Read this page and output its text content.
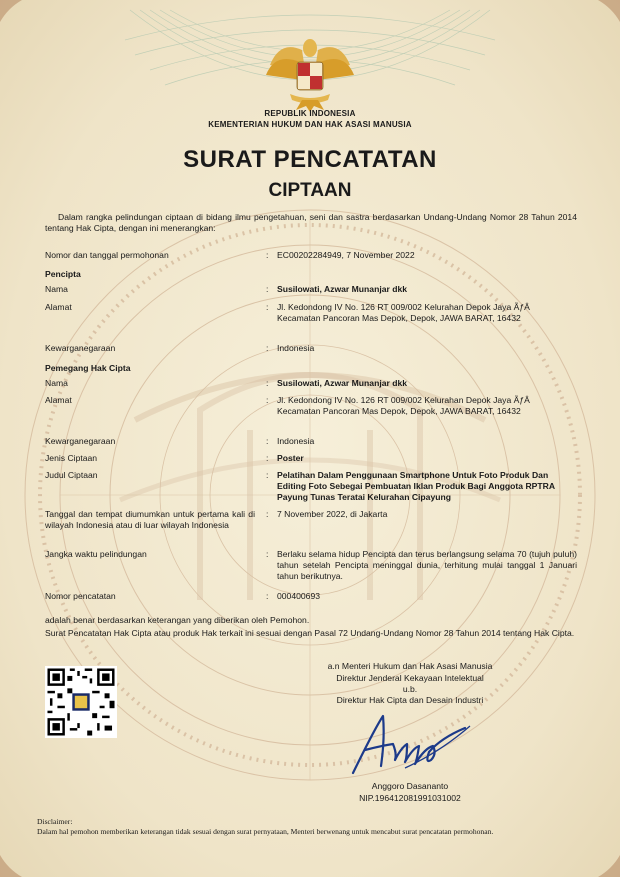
REPUBLIK INDONESIA
KEMENTERIAN HUKUM DAN HAK ASASI MANUSIA
SURAT PENCATATAN
CIPTAAN
Dalam rangka pelindungan ciptaan di bidang ilmu pengetahuan, seni dan sastra berdasarkan Undang-Undang Nomor 28 Tahun 2014 tentang Hak Cipta, dengan ini menerangkan:
Nomor dan tanggal permohonan	: EC00202284949, 7 November 2022
Pencipta
Nama	: Susilowati, Azwar Munanjar dkk
Alamat	: Jl. Kedondong IV No. 126 RT 009/002 Kelurahan Depok Jaya ÃƒÂ Kecamatan Pancoran Mas Depok, Depok, JAWA BARAT, 16432
Kewarganegaraan	: Indonesia
Pemegang Hak Cipta
Nama	: Susilowati, Azwar Munanjar dkk
Alamat	: Jl. Kedondong IV No. 126 RT 009/002 Kelurahan Depok Jaya ÃƒÂ Kecamatan Pancoran Mas Depok, Depok, JAWA BARAT, 16432
Kewarganegaraan	: Indonesia
Jenis Ciptaan	: Poster
Judul Ciptaan	: Pelatihan Dalam Penggunaan Smartphone Untuk Foto Produk Dan Editing Foto Sebegai Pembuatan Iklan Produk Bagi Anggota RPTRA Payung Tunas Teratai Kelurahan Cipayung
Tanggal dan tempat diumumkan untuk pertama kali di wilayah Indonesia atau di luar wilayah Indonesia
: 7 November 2022, di Jakarta
Jangka waktu pelindungan	: Berlaku selama hidup Pencipta dan terus berlangsung selama 70 (tujuh puluh) tahun setelah Pencipta meninggal dunia, terhitung mulai tanggal 1 Januari tahun berikutnya.
Nomor pencatatan	: 000400693
adalah benar berdasarkan keterangan yang diberikan oleh Pemohon.
Surat Pencatatan Hak Cipta atau produk Hak terkait ini sesuai dengan Pasal 72 Undang-Undang Nomor 28 Tahun 2014 tentang Hak Cipta.
a.n Menteri Hukum dan Hak Asasi Manusia
Direktur Jenderal Kekayaan Intelektual
u.b.
Direktur Hak Cipta dan Desain Industri
Anggoro Dasananto
NIP.196412081991031002
Disclaimer:
Dalam hal pemohon memberikan keterangan tidak sesuai dengan surat pernyataan, Menteri berwenang untuk mencabut surat pencatatan permohonan.
